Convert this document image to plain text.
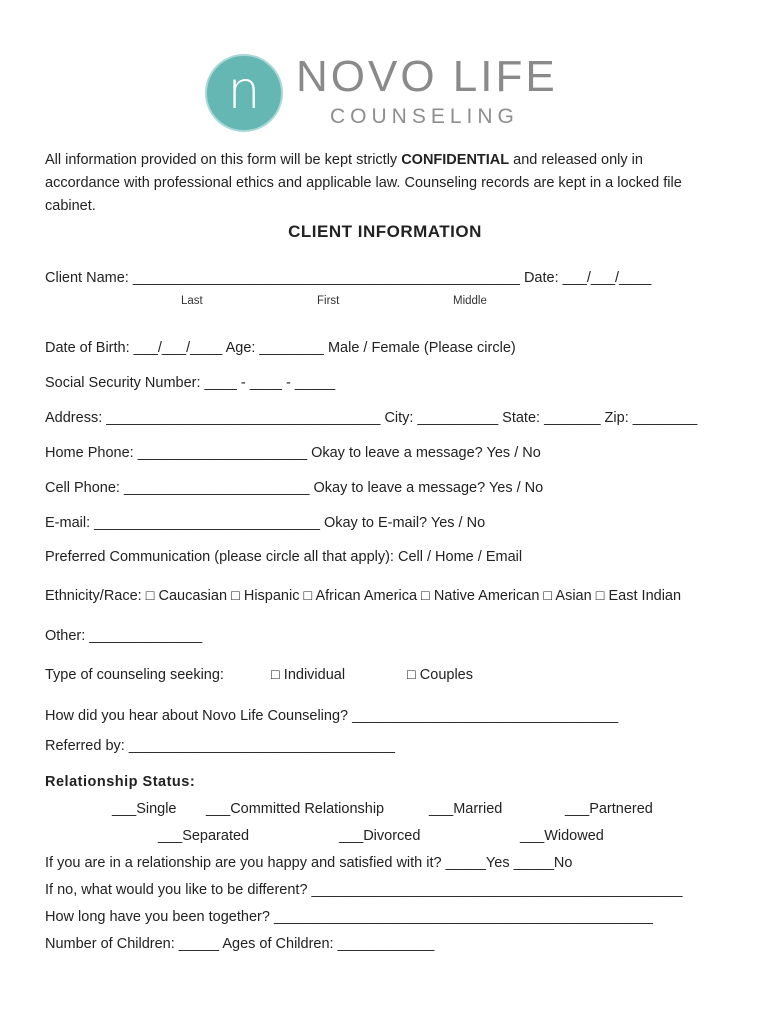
n NOVO LIFE
COUNSELING
All information provided on this form will be kept strictly CONFIDENTIAL and released only in
accordance with professional ethics and applicable law. Counseling records are kept in a locked file
cabinet.
CLIENT INFORMATION
Client Name: ________________________________________________ Date: ___/___/____
Last	First	Middle
Date of Birth: ___/___/____ Age: ________ Male / Female (Please circle)
Social Security Number: ____ - ____ - _____
Address: __________________________________ City: __________ State: _______ Zip: ________
Home Phone: _____________________ Okay to leave a message? Yes / No
Cell Phone: _______________________ Okay to leave a message? Yes / No
E-mail: ____________________________ Okay to E-mail? Yes / No
Preferred Communication (please circle all that apply): Cell / Home / Email
Ethnicity/Race: □ Caucasian □ Hispanic □ African America □ Native American □ Asian □ East Indian
Other: ______________
Type of counseling seeking:	□ Individual	□ Couples
How did you hear about Novo Life Counseling? _________________________________
Referred by: _________________________________
Relationship Status:
___Single ___Committed Relationship	___Married	___Partnered
___Separated	___Divorced	___Widowed
If you are in a relationship are you happy and satisfied with it? _____Yes _____No
If no, what would you like to be different? ______________________________________________
How long have you been together? _______________________________________________
Number of Children: _____ Ages of Children: ____________
